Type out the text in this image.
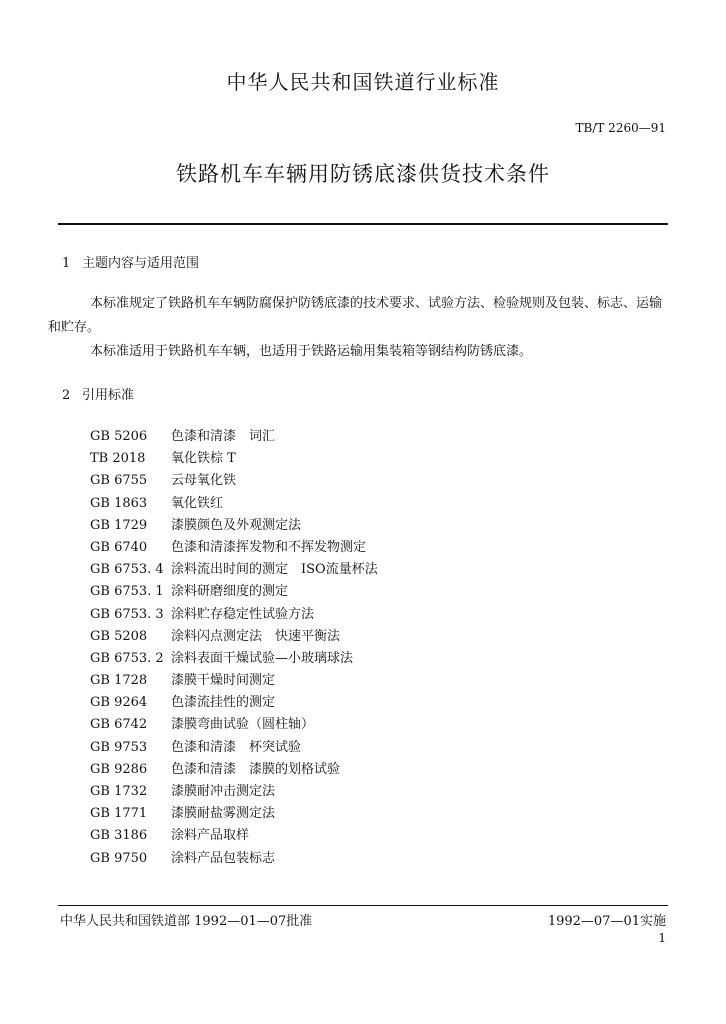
中华人民共和国铁道行业标准
TB/T 2260—91
铁路机车车辆用防锈底漆供货技术条件
1 主题内容与适用范围
本标准规定了铁路机车车辆防腐保护防锈底漆的技术要求、试验方法、检验规则及包装、标志、运输和贮存。
本标准适用于铁路机车车辆，也适用于铁路运输用集装箱等钢结构防锈底漆。
2 引用标准
GB 5206 色漆和清漆　词汇
TB 2018 氧化铁棕 T
GB 6755 云母氧化铁
GB 1863 氧化铁红
GB 1729 漆膜颜色及外观测定法
GB 6740 色漆和清漆挥发物和不挥发物测定
GB 6753. 4 涂料流出时间的测定　ISO流量杯法
GB 6753. 1 涂料研磨细度的测定
GB 6753. 3 涂料贮存稳定性试验方法
GB 5208 涂料闪点测定法　快速平衡法
GB 6753. 2 涂料表面干燥试验—小玻璃球法
GB 1728 漆膜干燥时间测定
GB 9264 色漆流挂性的测定
GB 6742 漆膜弯曲试验（圆柱轴）
GB 9753 色漆和清漆　杯突试验
GB 9286 色漆和清漆　漆膜的划格试验
GB 1732 漆膜耐冲击测定法
GB 1771 漆膜耐盐雾测定法
GB 3186 涂料产品取样
GB 9750 涂料产品包装标志
中华人民共和国铁道部 1992—01—07批准	1992—07—01实施
1
